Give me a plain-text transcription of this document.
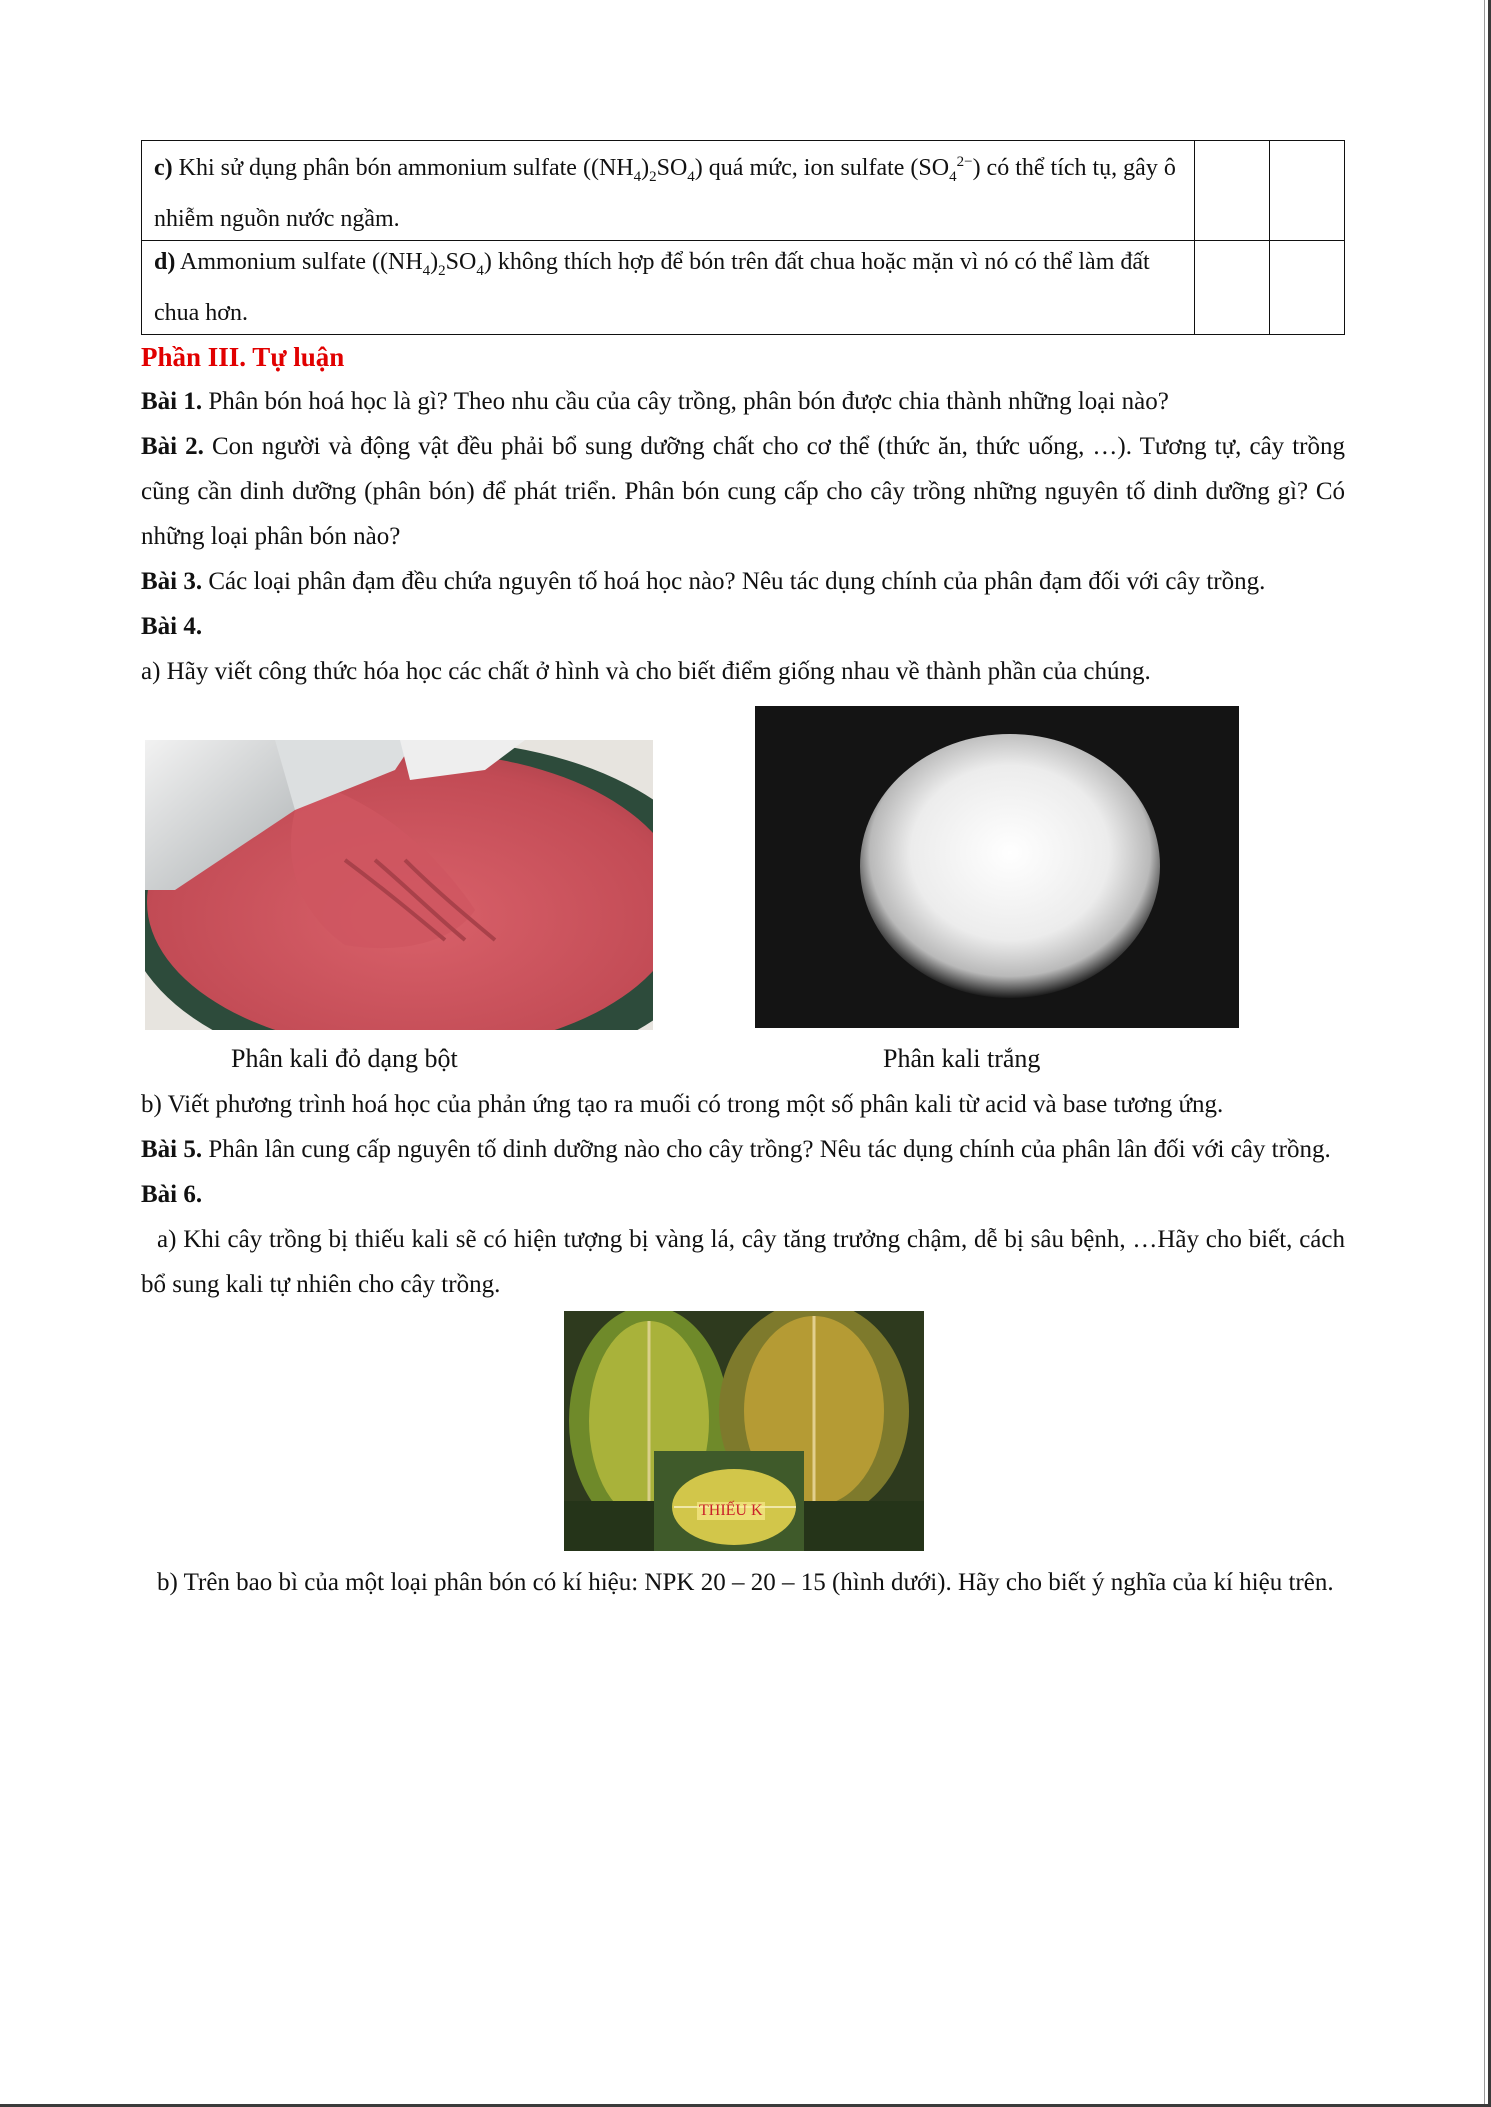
c) Khi sử dụng phân bón ammonium sulfate $((NH_4)_2SO_4)$ quá mức, ion sulfate $(SO_4^{2-})$ có thể tích tụ, gây ô nhiễm nguồn nước ngầm.		
d) Ammonium sulfate $((NH_4)_2SO_4)$ không thích hợp để bón trên đất chua hoặc mặn vì nó có thể làm đất chua hơn.		
Phần III. Tự luận
Bài 1. Phân bón hoá học là gì? Theo nhu cầu của cây trồng, phân bón được chia thành những loại nào?
Bài 2. Con người và động vật đều phải bổ sung dưỡng chất cho cơ thể (thức ăn, thức uống, …). Tương tự, cây trồng cũng cần dinh dưỡng (phân bón) để phát triển. Phân bón cung cấp cho cây trồng những nguyên tố dinh dưỡng gì? Có những loại phân bón nào?
Bài 3. Các loại phân đạm đều chứa nguyên tố hoá học nào? Nêu tác dụng chính của phân đạm đối với cây trồng.
Bài 4.
a) Hãy viết công thức hóa học các chất ở hình và cho biết điểm giống nhau về thành phần của chúng.
Phân kali đỏ dạng bột	Phân kali trắng
b) Viết phương trình hoá học của phản ứng tạo ra muối có trong một số phân kali từ acid và base tương ứng.
Bài 5. Phân lân cung cấp nguyên tố dinh dưỡng nào cho cây trồng? Nêu tác dụng chính của phân lân đối với cây trồng.
Bài 6.
a) Khi cây trồng bị thiếu kali sẽ có hiện tượng bị vàng lá, cây tăng trưởng chậm, dễ bị sâu bệnh, …Hãy cho biết, cách bổ sung kali tự nhiên cho cây trồng.
THIẾU K
b) Trên bao bì của một loại phân bón có kí hiệu: NPK 20 – 20 – 15 (hình dưới). Hãy cho biết ý nghĩa của kí hiệu trên.
